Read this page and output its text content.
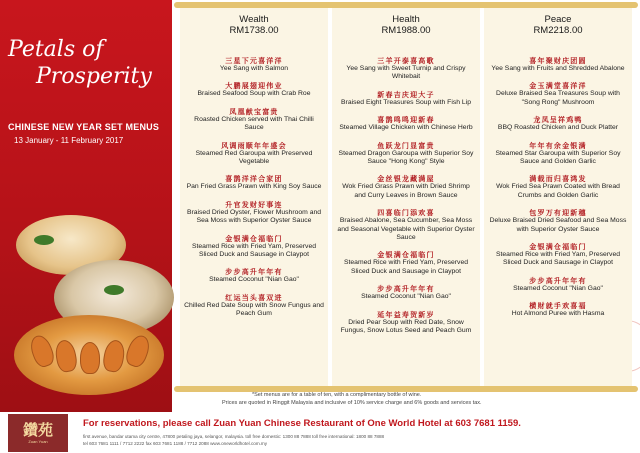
Petals of
Prosperity
CHINESE NEW YEAR SET MENUS
13 January - 11 February 2017
Wealth
RM1738.00
三星下元喜洋洋
Yee Sang with Salmon
大鹏展翅迎伟业
Braised Seafood Soup with Crab Roe
凤凰献宝富贵
Roasted Chicken served with Thai Chilli Sauce
风调雨顺年年盛会
Steamed Red Garoupa with Preserved Vegetable
喜鹊洋洋合家团
Pan Fried Grass Prawn with King Soy Sauce
升官发财好事连
Braised Dried Oyster, Flower Mushroom and Sea Moss with Superior Oyster Sauce
金银满仓福临门
Steamed Rice with Fried Yam, Preserved Sliced Duck and Sausage in Claypot
步步高升年年有
Steamed Coconut "Nian Gao"
红运当头喜双进
Chilled Red Date Soup with Snow Fungus and Peach Gum
Health
RM1988.00
三羊开泰喜高歌
Yee Sang with Sweet Turnip and Crispy Whitebait
新春吉庆迎大子
Braised Eight Treasures Soup with Fish Lip
喜鹊鸣鸣迎新春
Steamed Village Chicken with Chinese Herb
鱼跃龙门显富贵
Steamed Dragon Garoupa with Superior Soy Sauce "Hong Kong" Style
金丝银龙藏满屋
Wok Fried Grass Prawn with Dried Shrimp and Curry Leaves in Brown Sauce
四喜临门添欢喜
Braised Abalone, Sea Cucumber, Sea Moss and Seasonal Vegetable with Superior Oyster Sauce
金银满仓福临门
Steamed Rice with Fried Yam, Preserved Sliced Duck and Sausage in Claypot
步步高升年年有
Steamed Coconut "Nian Gao"
延年益寿贺新岁
Dried Pear Soup with Red Date, Snow Fungus, Snow Lotus Seed and Peach Gum
Peace
RM2218.00
喜年聚财庆团圆
Yee Sang with Fruits and Shredded Abalone
金玉满堂喜洋洋
Deluxe Braised Sea Treasures Soup with "Song Rong" Mushroom
龙凤呈祥鸡鸭
BBQ Roasted Chicken and Duck Platter
年年有余金银满
Steamed Star Garoupa with Superior Soy Sauce and Golden Garlic
满载而归喜鸿发
Wok Fried Sea Prawn Coated with Bread Crumbs and Golden Garlic
包罗万有迎新穗
Deluxe Braised Dried Seafood and Sea Moss with Superior Oyster Sauce
金银满仓福临门
Steamed Rice with Fried Yam, Preserved Sliced Duck and Sausage in Claypot
步步高升年年有
Steamed Coconut "Nian Gao"
横财就手欢喜福
Hot Almond Puree with Hasma
*Set menus are for a table of ten, with a complimentary bottle of wine.
Prices are quoted in Ringgit Malaysia and inclusive of 10% service charge and 6% goods and services tax.
鑽苑
Zuan Yuan
For reservations, please call Zuan Yuan Chinese Restaurant of One World Hotel at 603 7681 1159.
first avenue, bandar utama city centre, 47800 petaling jaya, selangor, malaysia. toll free domestic: 1300 88 7888 toll free international: 1800 88 7888
tel 603 7681 1111 / 7712 2222 fax 603 7681 1188 / 7712 2088 www.oneworldhotel.com.my
